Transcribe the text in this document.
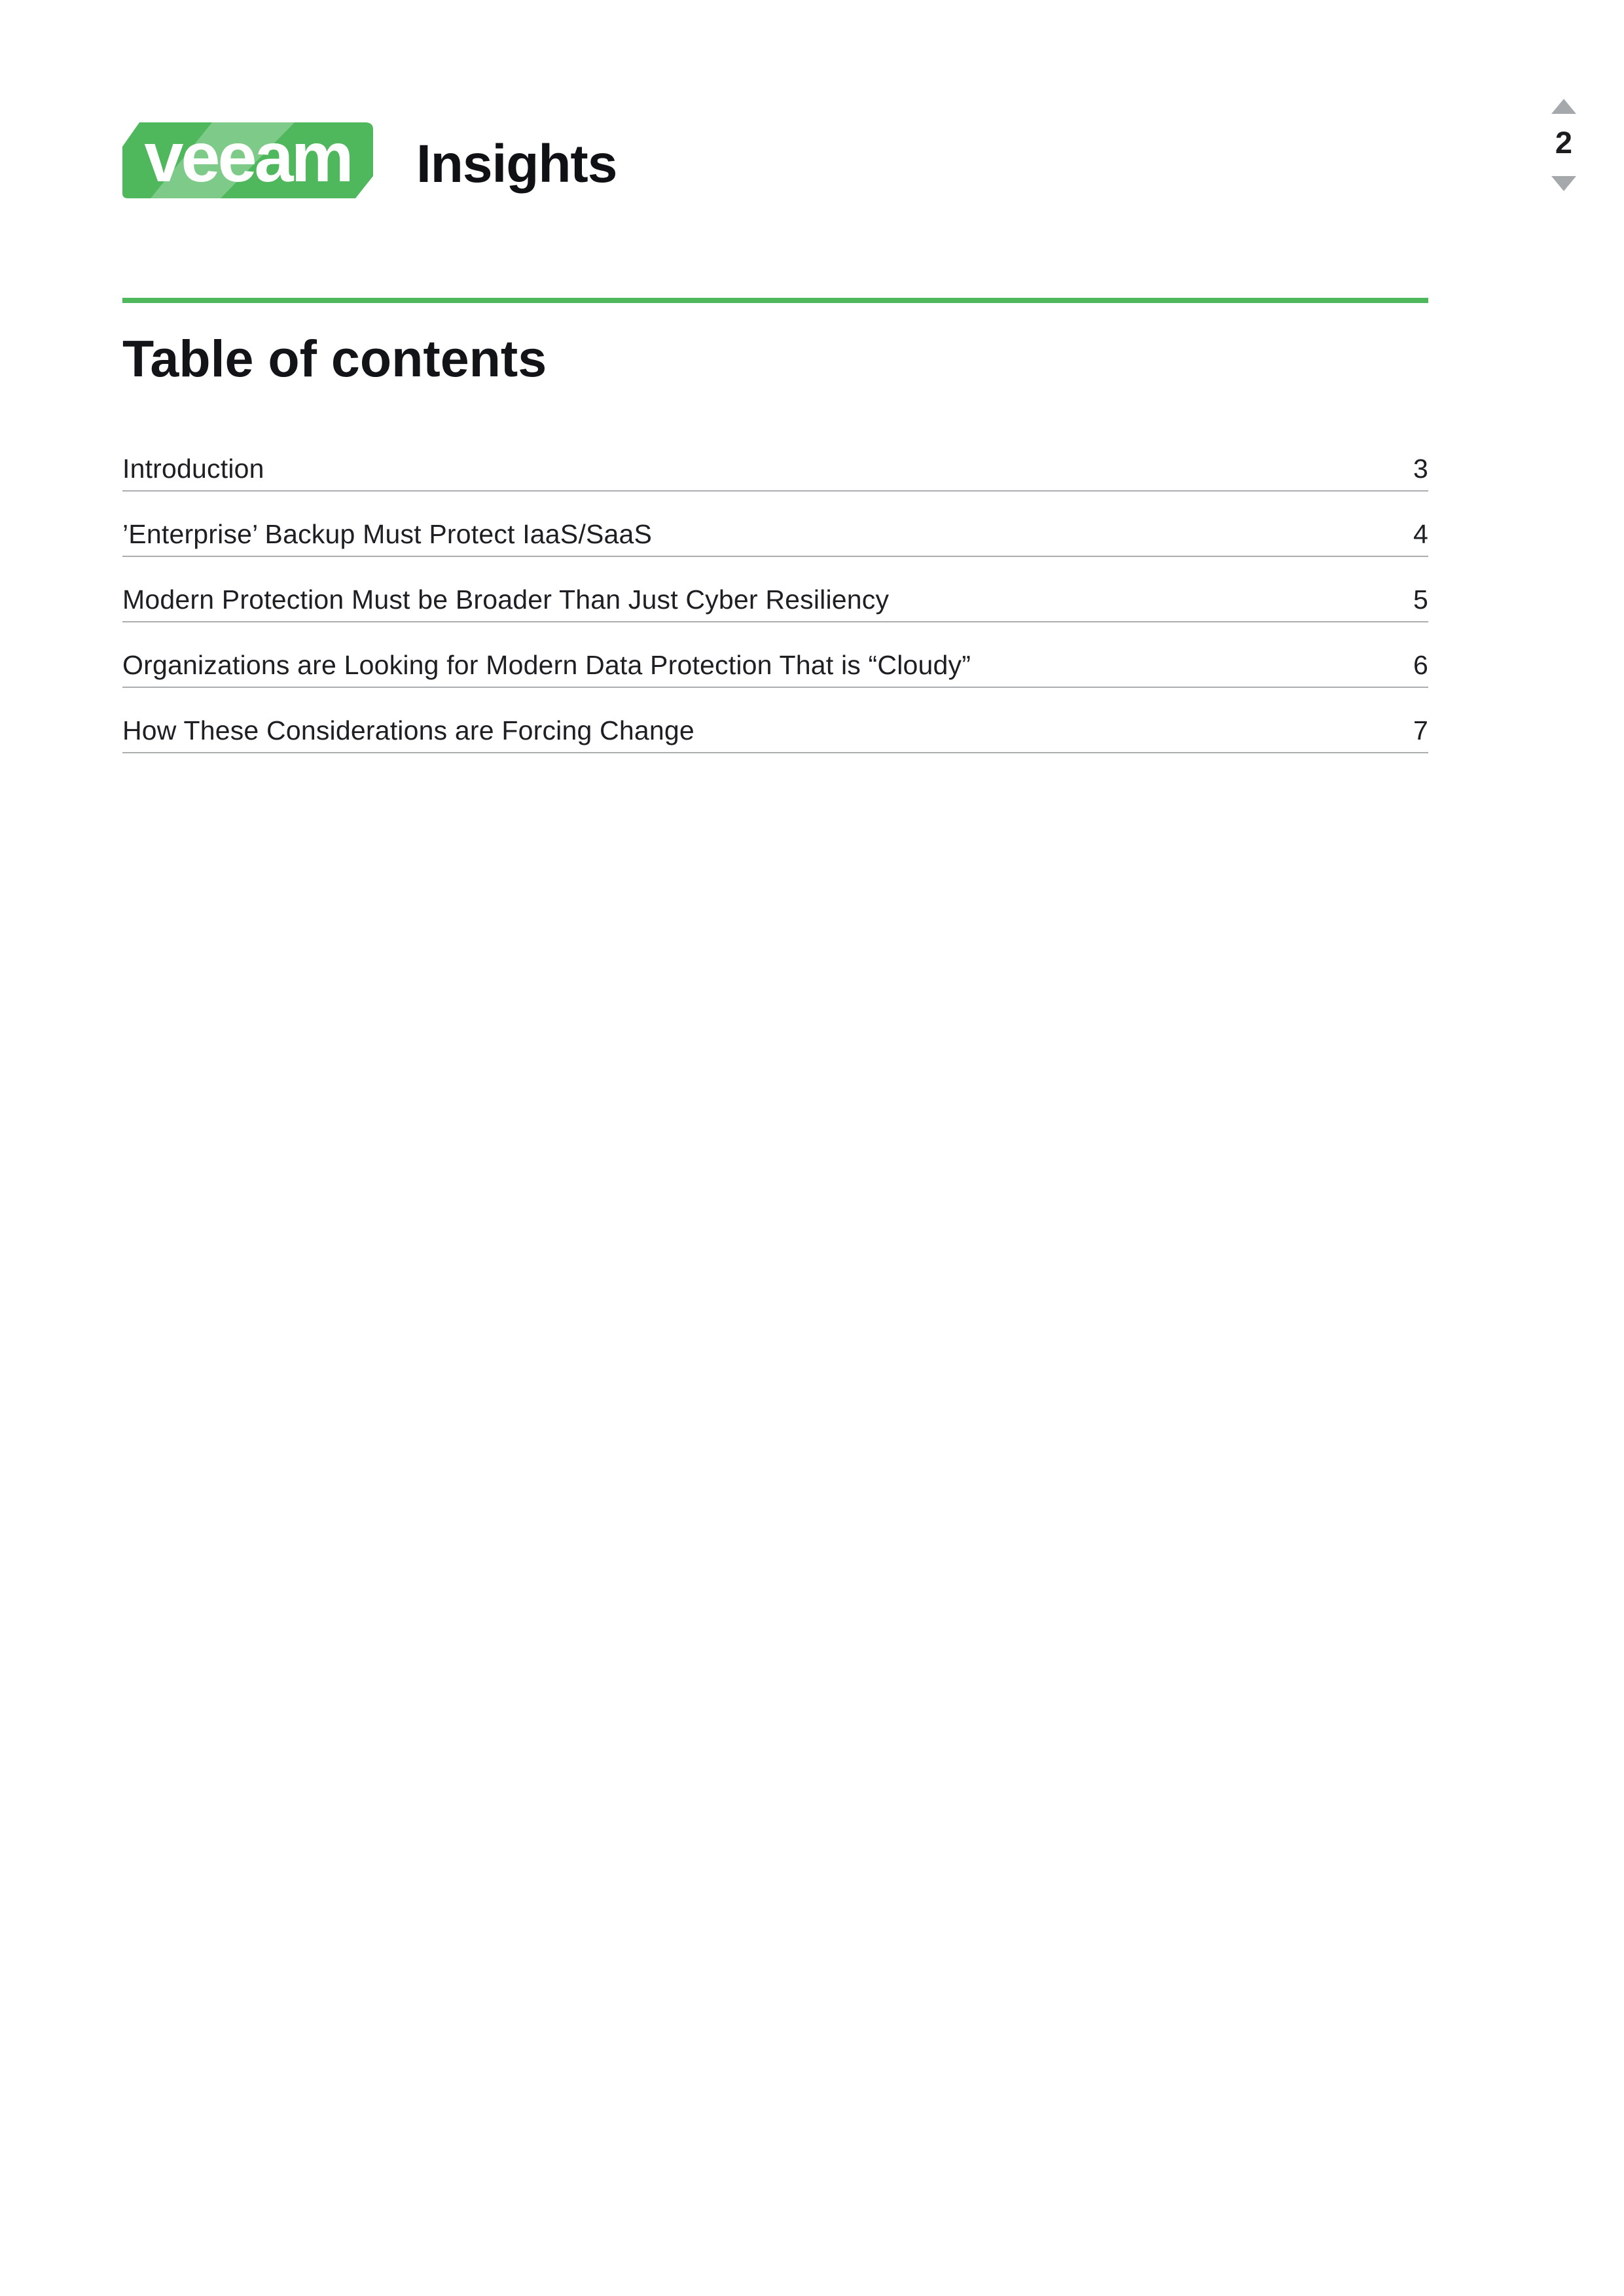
veeam	Insights	2
Table of contents
Introduction	3
’Enterprise’ Backup Must Protect IaaS/SaaS	4
Modern Protection Must be Broader Than Just Cyber Resiliency	5
Organizations are Looking for Modern Data Protection That is “Cloudy”	6
How These Considerations are Forcing Change	7
